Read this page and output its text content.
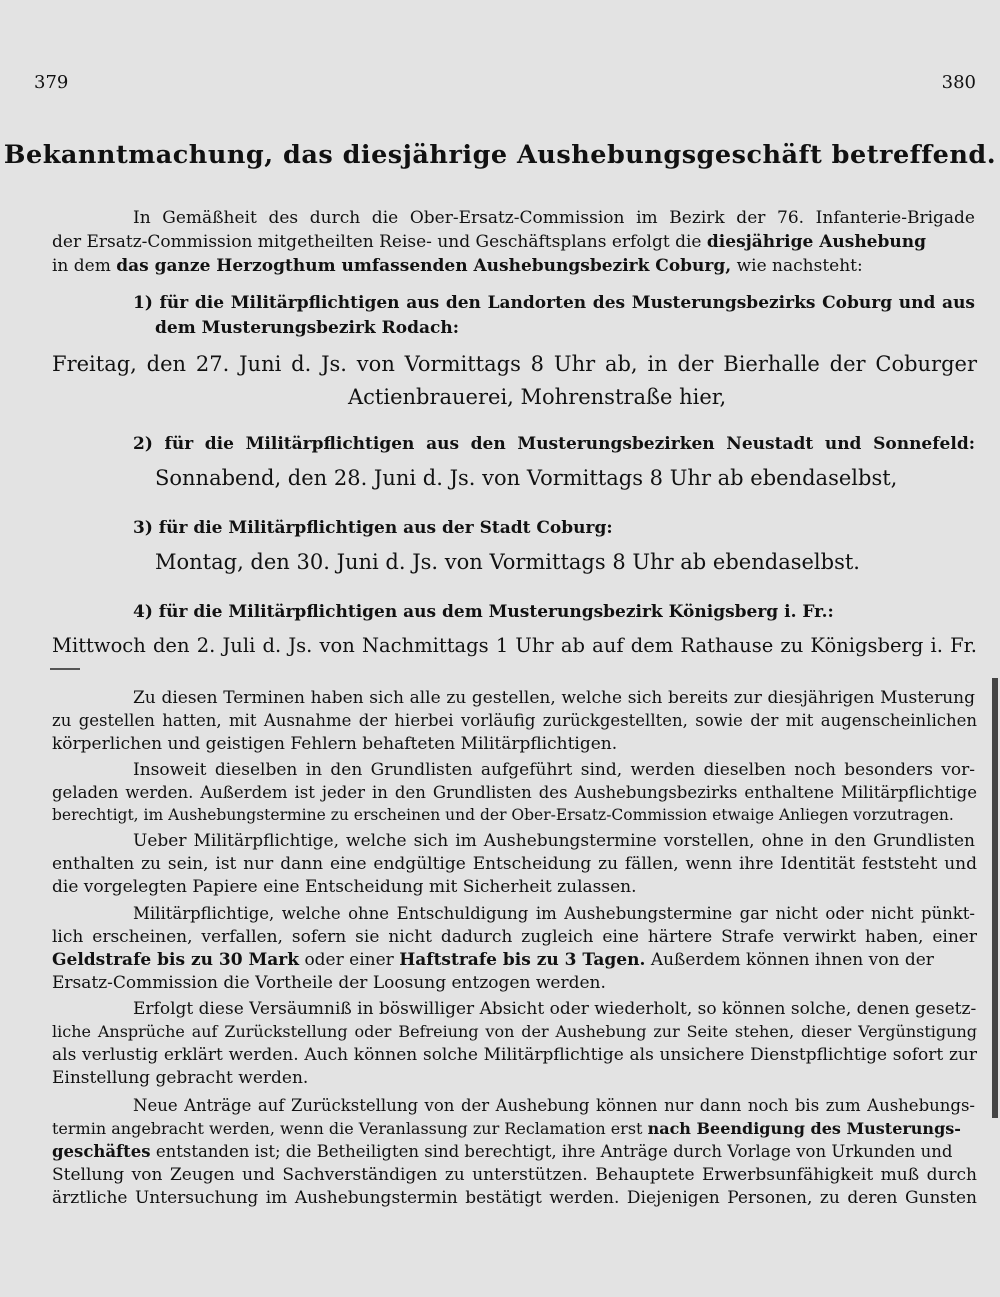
379	380
Bekanntmachung, das diesjährige Aushebungsgeschäft betreffend.
In Gemäßheit des durch die Ober-Ersatz-Commission im Bezirk der 76. Infanterie-Brigade
der Ersatz-Commission mitgetheilten Reise- und Geschäftsplans erfolgt die diesjährige Aushebung
in dem das ganze Herzogthum umfassenden Aushebungsbezirk Coburg, wie nachsteht:
1) für die Militärpflichtigen aus den Landorten des Musterungsbezirks Coburg und aus
dem Musterungsbezirk Rodach:
Freitag, den 27. Juni d. Js. von Vormittags 8 Uhr ab, in der Bierhalle der Coburger
Actienbrauerei, Mohrenstraße hier,
2) für die Militärpflichtigen aus den Musterungsbezirken Neustadt und Sonnefeld:
Sonnabend, den 28. Juni d. Js. von Vormittags 8 Uhr ab ebendaselbst,
3) für die Militärpflichtigen aus der Stadt Coburg:
Montag, den 30. Juni d. Js. von Vormittags 8 Uhr ab ebendaselbst.
4) für die Militärpflichtigen aus dem Musterungsbezirk Königsberg i. Fr.:
Mittwoch den 2. Juli d. Js. von Nachmittags 1 Uhr ab auf dem Rathause zu Königsberg i. Fr.
Zu diesen Terminen haben sich alle zu gestellen, welche sich bereits zur diesjährigen Musterung
zu gestellen hatten, mit Ausnahme der hierbei vorläufig zurückgestellten, sowie der mit augenscheinlichen
körperlichen und geistigen Fehlern behafteten Militärpflichtigen.
Insoweit dieselben in den Grundlisten aufgeführt sind, werden dieselben noch besonders vor-
geladen werden. Außerdem ist jeder in den Grundlisten des Aushebungsbezirks enthaltene Militärpflichtige
berechtigt, im Aushebungstermine zu erscheinen und der Ober-Ersatz-Commission etwaige Anliegen vorzutragen.
Ueber Militärpflichtige, welche sich im Aushebungstermine vorstellen, ohne in den Grundlisten
enthalten zu sein, ist nur dann eine endgültige Entscheidung zu fällen, wenn ihre Identität feststeht und
die vorgelegten Papiere eine Entscheidung mit Sicherheit zulassen.
Militärpflichtige, welche ohne Entschuldigung im Aushebungstermine gar nicht oder nicht pünkt-
lich erscheinen, verfallen, sofern sie nicht dadurch zugleich eine härtere Strafe verwirkt haben, einer
Geldstrafe bis zu 30 Mark oder einer Haftstrafe bis zu 3 Tagen. Außerdem können ihnen von der
Ersatz-Commission die Vortheile der Loosung entzogen werden.
Erfolgt diese Versäumniß in böswilliger Absicht oder wiederholt, so können solche, denen gesetz-
liche Ansprüche auf Zurückstellung oder Befreiung von der Aushebung zur Seite stehen, dieser Vergünstigung
als verlustig erklärt werden. Auch können solche Militärpflichtige als unsichere Dienstpflichtige sofort zur
Einstellung gebracht werden.
Neue Anträge auf Zurückstellung von der Aushebung können nur dann noch bis zum Aushebungs-
termin angebracht werden, wenn die Veranlassung zur Reclamation erst nach Beendigung des Musterungs-
geschäftes entstanden ist; die Betheiligten sind berechtigt, ihre Anträge durch Vorlage von Urkunden und
Stellung von Zeugen und Sachverständigen zu unterstützen. Behauptete Erwerbsunfähigkeit muß durch
ärztliche Untersuchung im Aushebungstermin bestätigt werden. Diejenigen Personen, zu deren Gunsten
